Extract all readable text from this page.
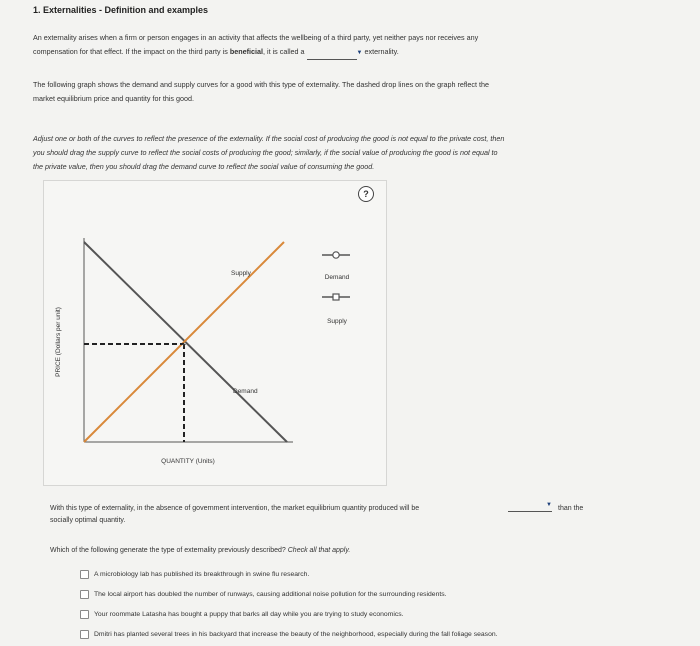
1. Externalities - Definition and examples
An externality arises when a firm or person engages in an activity that affects the wellbeing of a third party, yet neither pays nor receives any
compensation for that effect. If the impact on the third party is beneficial, it is called a	▼ externality.
The following graph shows the demand and supply curves for a good with this type of externality. The dashed drop lines on the graph reflect the
market equilibrium price and quantity for this good.
Adjust one or both of the curves to reflect the presence of the externality. If the social cost of producing the good is not equal to the private cost, then
you should drag the supply curve to reflect the social costs of producing the good; similarly, if the social value of producing the good is not equal to
the private value, then you should drag the demand curve to reflect the social value of consuming the good.
?
+
Supply
Demand
PRICE (Dollars per unit)
QUANTITY (Units)
Demand
Supply
With this type of externality, in the absence of government intervention, the market equilibrium quantity produced will be	▼ than the
socially optimal quantity.
Which of the following generate the type of externality previously described? Check all that apply.
A microbiology lab has published its breakthrough in swine flu research.
The local airport has doubled the number of runways, causing additional noise pollution for the surrounding residents.
Your roommate Latasha has bought a puppy that barks all day while you are trying to study economics.
Dmitri has planted several trees in his backyard that increase the beauty of the neighborhood, especially during the fall foliage season.
